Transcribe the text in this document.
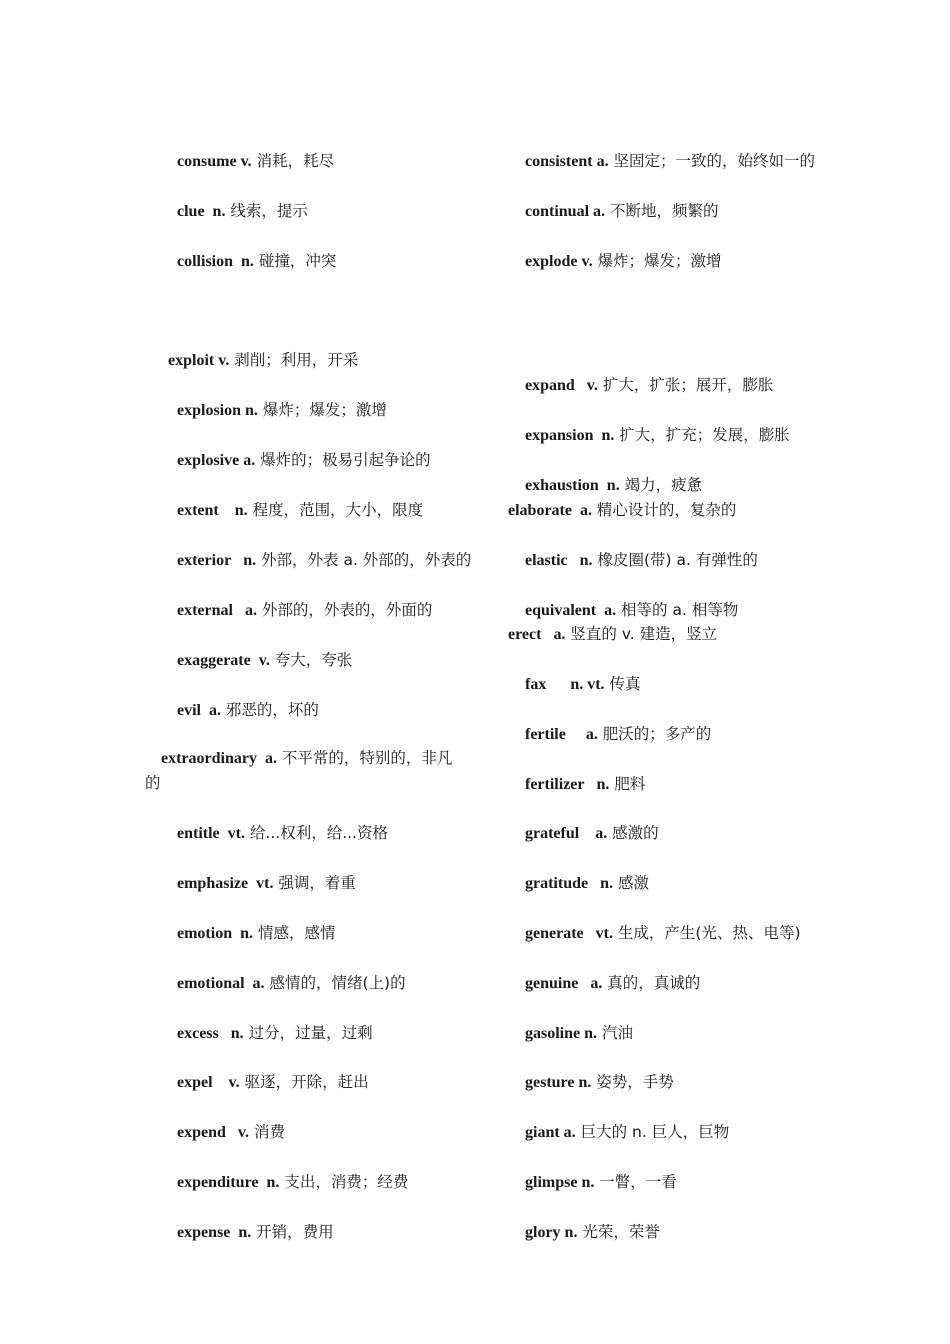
consume v. 消耗，耗尽

clue n. 线索，提示

collision n. 碰撞，冲突

exploit v. 剥削；利用，开采

explosion n. 爆炸；爆发；激增

explosive a. 爆炸的；极易引起争论的

extent n. 程度，范围，大小，限度

exterior n. 外部，外表 a. 外部的，外表的

external a. 外部的，外表的，外面的

exaggerate v. 夸大，夸张

evil a. 邪恶的，坏的

extraordinary a. 不平常的，特别的，非凡的

entitle vt. 给...权利，给...资格

emphasize vt. 强调，着重

emotion n. 情感，感情

emotional a. 感情的，情绪(上)的

excess n. 过分，过量，过剩

expel v. 驱逐，开除，赶出

expend v. 消费

expenditure n. 支出，消费；经费

expense n. 开销，费用

consistent a. 坚固定；一致的，始终如一的

continual a. 不断地，频繁的

explode v. 爆炸；爆发；激增

expand v. 扩大，扩张；展开，膨胀

expansion n. 扩大，扩充；发展，膨胀

exhaustion n. 竭力，疲惫

elaborate a. 精心设计的，复杂的

elastic n. 橡皮圈(带) a. 有弹性的

equivalent a. 相等的 a. 相等物

erect a. 竖直的 v. 建造，竖立

fax n. vt. 传真

fertile a. 肥沃的；多产的

fertilizer n. 肥料

grateful a. 感激的

gratitude n. 感激

generate vt. 生成，产生(光、热、电等)

genuine a. 真的，真诚的

gasoline n. 汽油

gesture n. 姿势，手势

giant a. 巨大的 n. 巨人，巨物

glimpse n. 一瞥，一看

glory n. 光荣，荣誉
